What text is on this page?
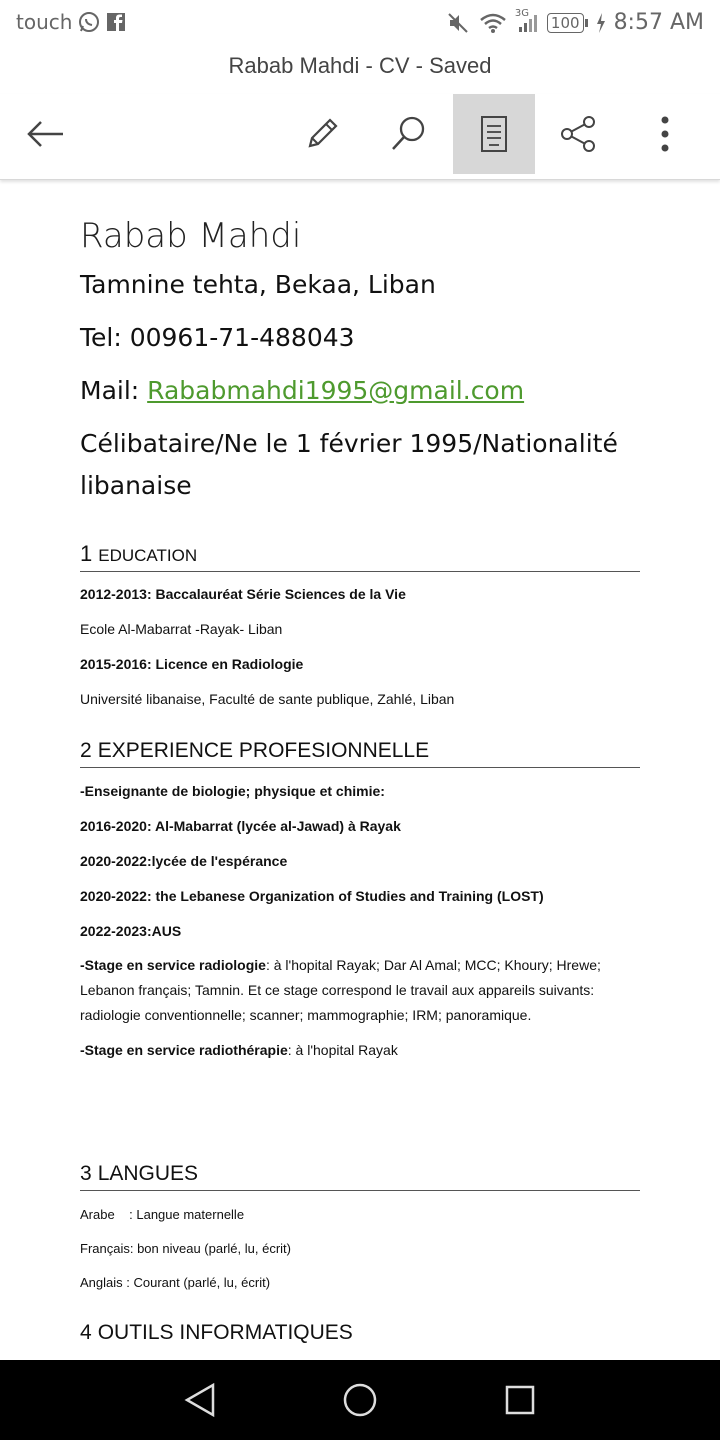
touch	3G
100 8:57 AM
Rabab Mahdi - CV - Saved
Rabab Mahdi
Tamnine tehta, Bekaa, Liban
Tel: 00961-71-488043
Mail: Rababmahdi1995@gmail.com
Célibataire/Ne le 1 février 1995/Nationalité libanaise
1 EDUCATION
2012-2013: Baccalauréat Série Sciences de la Vie
Ecole Al-Mabarrat -Rayak- Liban
2015-2016: Licence en Radiologie
Université libanaise, Faculté de sante publique, Zahlé, Liban
2 EXPERIENCE PROFESIONNELLE
-Enseignante de biologie; physique et chimie:
2016-2020: Al-Mabarrat (lycée al-Jawad) à Rayak
2020-2022:lycée de l'espérance
2020-2022: the Lebanese Organization of Studies and Training (LOST)
2022-2023:AUS
-Stage en service radiologie: à l'hopital Rayak; Dar Al Amal; MCC; Khoury; Hrewe; Lebanon français; Tamnin. Et ce stage correspond le travail aux appareils suivants: radiologie conventionnelle; scanner; mammographie; IRM; panoramique.
-Stage en service radiothérapie: à l'hopital Rayak
3 LANGUES
Arabe    : Langue maternelle
Français: bon niveau (parlé, lu, écrit)
Anglais : Courant (parlé, lu, écrit)
4 OUTILS INFORMATIQUES
